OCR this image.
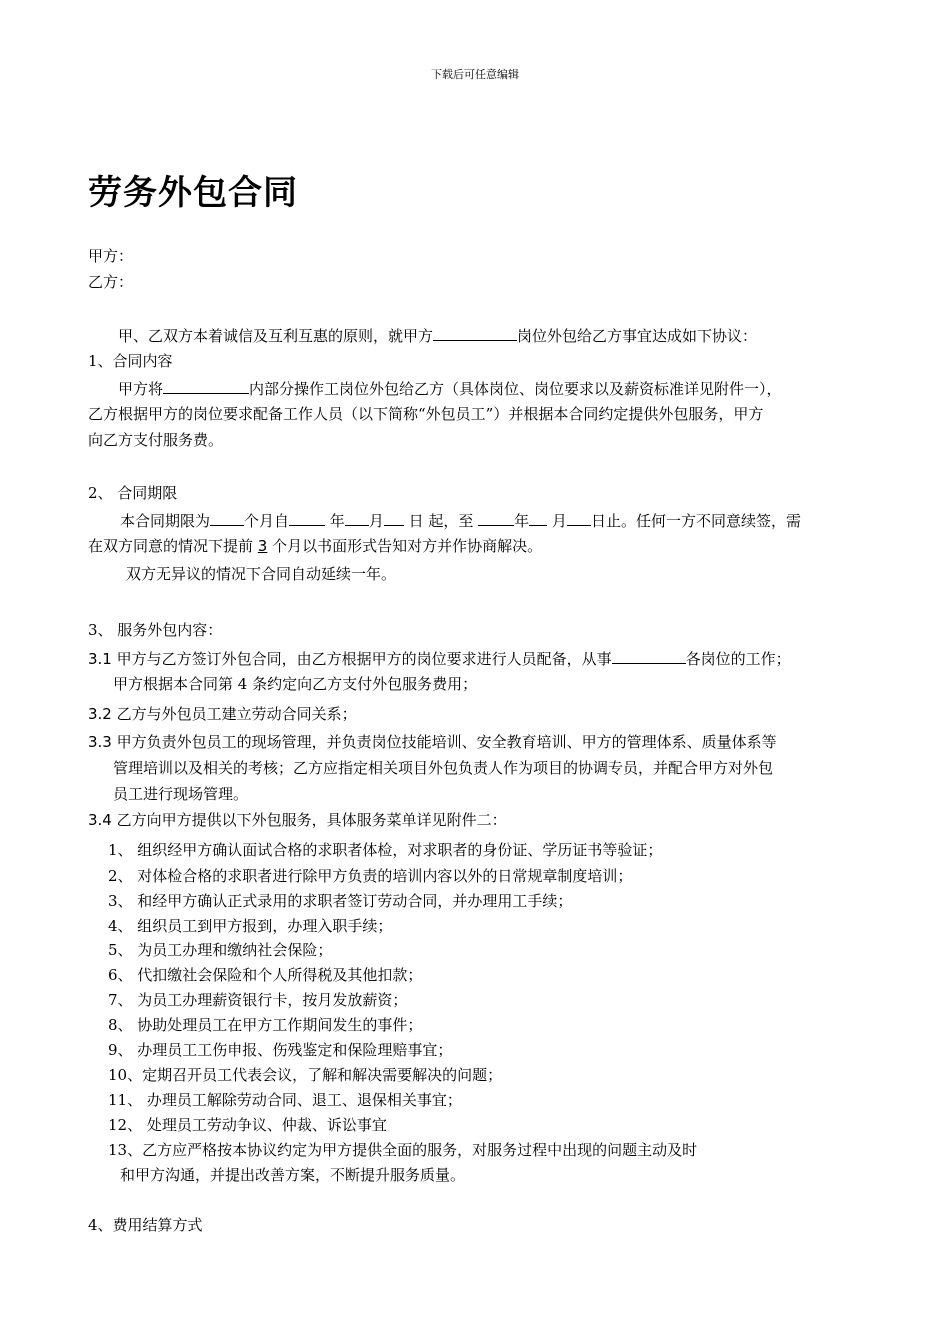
下载后可任意编辑
劳务外包合同
甲方：
乙方：
甲、乙双方本着诚信及互利互惠的原则，就甲方	岗位外包给乙方事宜达成如下协议：
1、合同内容
甲方将	内部分操作工岗位外包给乙方（具体岗位、岗位要求以及薪资标准详见附件一），
乙方根据甲方的岗位要求配备工作人员（以下简称“外包员工”）并根据本合同约定提供外包服务，甲方
向乙方支付服务费。
2、 合同期限
本合同期限为 个月自 年 月 日 起，至 年 月 日止。任何一方不同意续签，需
在双方同意的情况下提前 3 个月以书面形式告知对方并作协商解决。
双方无异议的情况下合同自动延续一年。
3、 服务外包内容：
3.1 甲方与乙方签订外包合同，由乙方根据甲方的岗位要求进行人员配备，从事	各岗位的工作；
甲方根据本合同第 4 条约定向乙方支付外包服务费用；
3.2 乙方与外包员工建立劳动合同关系；
3.3 甲方负责外包员工的现场管理，并负责岗位技能培训、安全教育培训、甲方的管理体系、质量体系等
管理培训以及相关的考核；乙方应指定相关项目外包负责人作为项目的协调专员，并配合甲方对外包
员工进行现场管理。
3.4 乙方向甲方提供以下外包服务，具体服务菜单详见附件二：
1、 组织经甲方确认面试合格的求职者体检，对求职者的身份证、学历证书等验证；
2、 对体检合格的求职者进行除甲方负责的培训内容以外的日常规章制度培训；
3、 和经甲方确认正式录用的求职者签订劳动合同，并办理用工手续；
4、 组织员工到甲方报到，办理入职手续；
5、 为员工办理和缴纳社会保险；
6、 代扣缴社会保险和个人所得税及其他扣款；
7、 为员工办理薪资银行卡，按月发放薪资；
8、 协助处理员工在甲方工作期间发生的事件；
9、 办理员工工伤申报、伤残鉴定和保险理赔事宜；
10、定期召开员工代表会议，了解和解决需要解决的问题；
11、 办理员工解除劳动合同、退工、退保相关事宜；
12、 处理员工劳动争议、仲裁、诉讼事宜
13、乙方应严格按本协议约定为甲方提供全面的服务，对服务过程中出现的问题主动及时
和甲方沟通，并提出改善方案，不断提升服务质量。
4、费用结算方式
